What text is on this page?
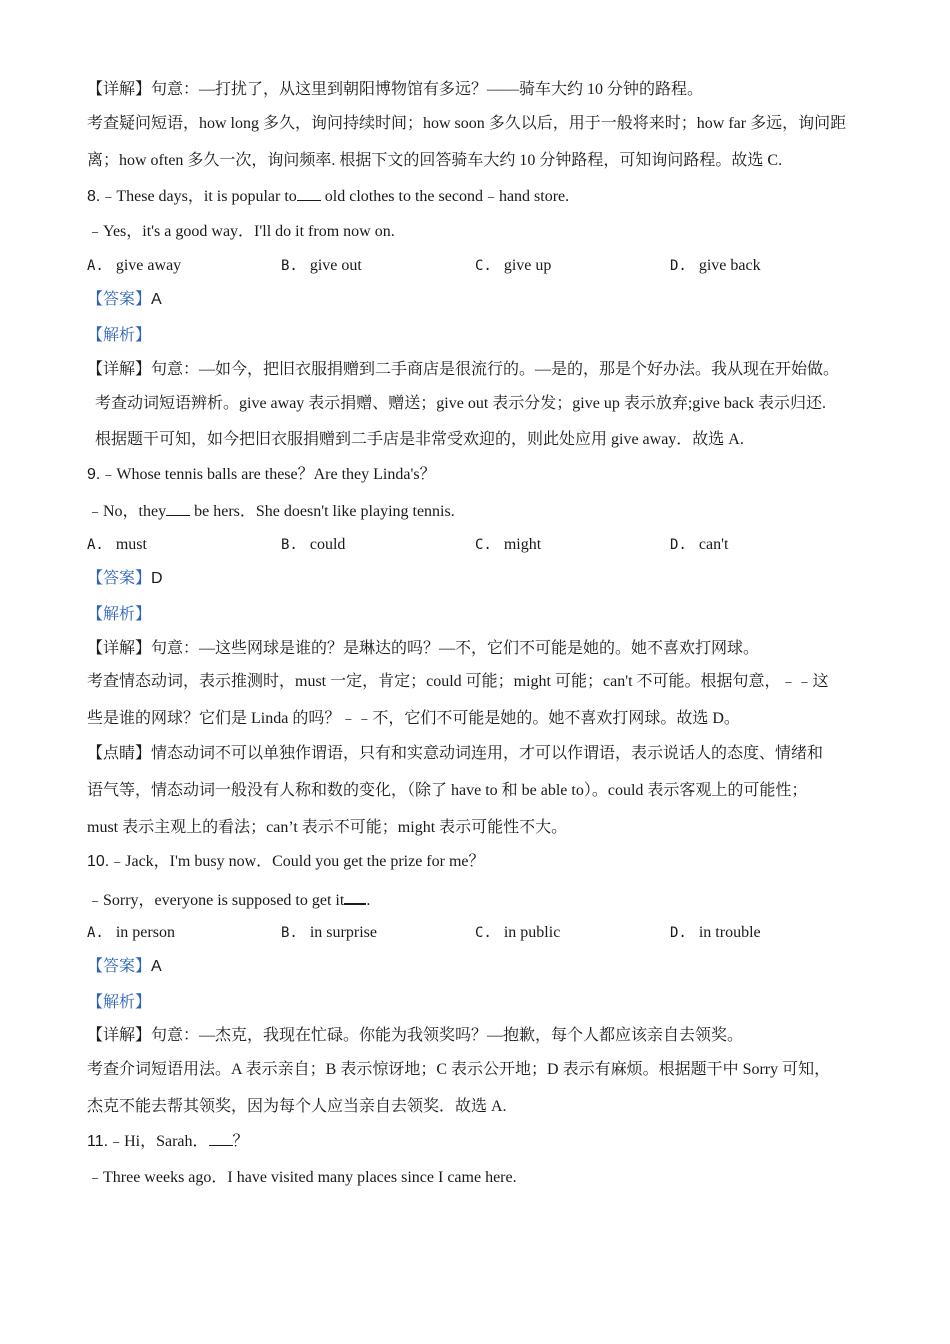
【详解】句意：—打扰了，从这里到朝阳博物馆有多远？——骑车大约 10 分钟的路程。
考查疑问短语，how long 多久，询问持续时间；how soon 多久以后，用于一般将来时；how far 多远，询问距
离；how often 多久一次，询问频率. 根据下文的回答骑车大约 10 分钟路程，可知询问路程。故选 C.
8.﹣These days，it is popular to old clothes to the second﹣hand store.
﹣Yes，it's a good way．I'll do it from now on.
A. give away	B. give out	C. give up	D. give back
【答案】A
【解析】
【详解】句意：—如今，把旧衣服捐赠到二手商店是很流行的。—是的，那是个好办法。我从现在开始做。
考查动词短语辨析。give away 表示捐赠、赠送；give out 表示分发；give up 表示放弃;give back 表示归还.
根据题干可知，如今把旧衣服捐赠到二手店是非常受欢迎的，则此处应用 give away．故选 A.
9.﹣Whose tennis balls are these？Are they Linda's？
﹣No，they be hers．She doesn't like playing tennis.
A. must	B. could	C. might	D. can't
【答案】D
【解析】
【详解】句意：—这些网球是谁的？是琳达的吗？—不，它们不可能是她的。她不喜欢打网球。
考查情态动词，表示推测时，must 一定，肯定；could 可能；might 可能；can't 不可能。根据句意，﹣﹣这
些是谁的网球？它们是 Linda 的吗？﹣﹣不，它们不可能是她的。她不喜欢打网球。故选 D。
【点睛】情态动词不可以单独作谓语，只有和实意动词连用，才可以作谓语，表示说话人的态度、情绪和
语气等，情态动词一般没有人称和数的变化，（除了 have to 和 be able to）。could 表示客观上的可能性；
must 表示主观上的看法；can’t 表示不可能；might 表示可能性不大。
10.﹣Jack，I'm busy now．Could you get the prize for me？
﹣Sorry，everyone is supposed to get it .
A. in person	B. in surprise	C. in public	D. in trouble
【答案】A
【解析】
【详解】句意：—杰克，我现在忙碌。你能为我领奖吗？—抱歉，每个人都应该亲自去领奖。
考查介词短语用法。A 表示亲自；B 表示惊讶地；C 表示公开地；D 表示有麻烦。根据题干中 Sorry 可知，
杰克不能去帮其领奖，因为每个人应当亲自去领奖．故选 A.
11.﹣Hi，Sarah． ？
﹣Three weeks ago．I have visited many places since I came here.
